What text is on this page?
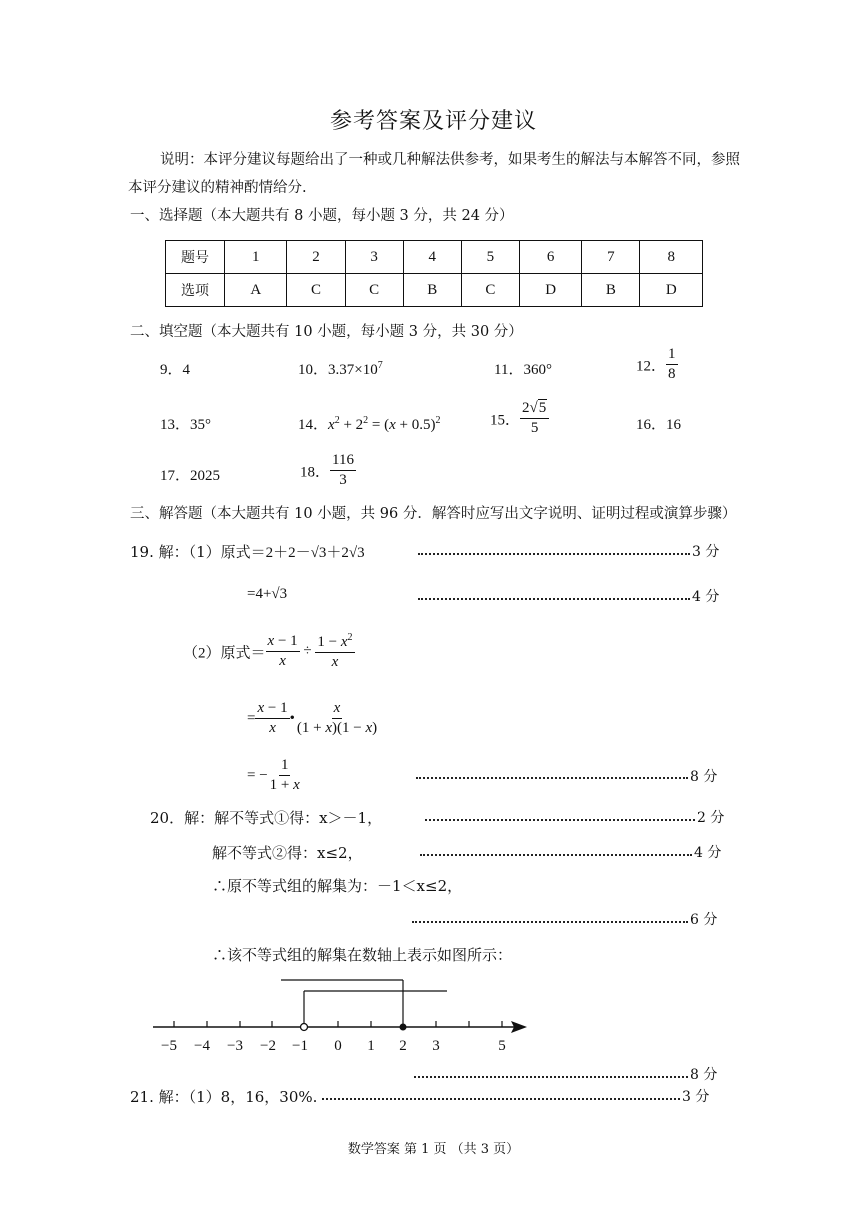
参考答案及评分建议
说明：本评分建议每题给出了一种或几种解法供参考，如果考生的解法与本解答不同，参照本评分建议的精神酌情给分.
一、选择题（本大题共有 8 小题，每小题 3 分，共 24 分）
题号	1	2	3	4	5	6	7	8
选项	A	C	C	B	C	D	B	D
二、填空题（本大题共有 10 小题，每小题 3 分，共 30 分）
9．4	10．$3.37\times 10^7$	11．360°	12． $\frac{1}{8}$
13．35°	14．$x^2 + 2^2 = (x + 0.5)^2$	15． $\frac{2√5}{5}$	16．16
17．2025	18． $\frac{116}{3}$
三、解答题（本大题共有 10 小题，共 96 分．解答时应写出文字说明、证明过程或演算步骤）
19. 解：（1）原式＝2＋2－√3＋2√3	3 分
=4+√3	4 分
（2）原式＝ $\frac{x - 1}{x} \div \frac{1 - x^2}{x}$
= $\frac{x - 1}{x}$ • $\frac{x}{(1 + x)(1 - x)}$
= − $\frac{1}{1 + x}$	8 分
20．解：解不等式①得：x＞－1，	2 分
解不等式②得：x≤2，	4 分
∴原不等式组的解集为：－1＜x≤2，
6 分
∴该不等式组的解集在数轴上表示如图所示：
−5 −4 −3 −2 −1 0 1 2 3	5
8 分
21. 解：（1）8，16，30%.	3 分
数学答案 第 1 页 （共 3 页）
